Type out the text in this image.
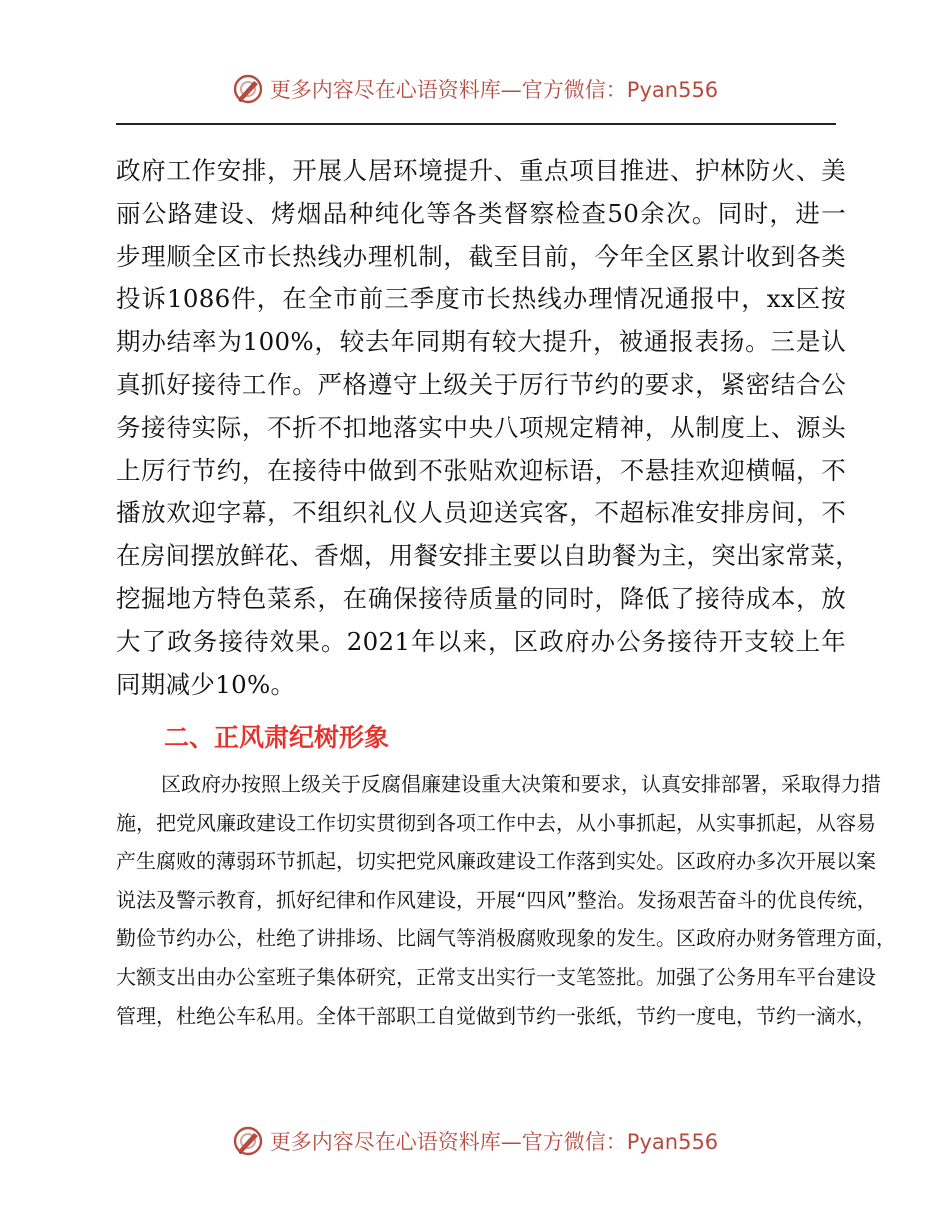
更多内容尽在心语资料库—官方微信：Pyan556
政府工作安排，开展人居环境提升、重点项目推进、护林防火、美
丽公路建设、烤烟品种纯化等各类督察检查50余次。同时，进一
步理顺全区市长热线办理机制，截至目前，今年全区累计收到各类
投诉1086件，在全市前三季度市长热线办理情况通报中，xx区按
期办结率为100%，较去年同期有较大提升，被通报表扬。三是认
真抓好接待工作。严格遵守上级关于厉行节约的要求，紧密结合公
务接待实际，不折不扣地落实中央八项规定精神，从制度上、源头
上厉行节约，在接待中做到不张贴欢迎标语，不悬挂欢迎横幅，不
播放欢迎字幕，不组织礼仪人员迎送宾客，不超标准安排房间，不
在房间摆放鲜花、香烟，用餐安排主要以自助餐为主，突出家常菜，
挖掘地方特色菜系，在确保接待质量的同时，降低了接待成本，放
大了政务接待效果。2021年以来，区政府办公务接待开支较上年
同期减少10%。
二、正风肃纪树形象
区政府办按照上级关于反腐倡廉建设重大决策和要求，认真安排部署，采取得力措
施，把党风廉政建设工作切实贯彻到各项工作中去，从小事抓起，从实事抓起，从容易
产生腐败的薄弱环节抓起，切实把党风廉政建设工作落到实处。区政府办多次开展以案
说法及警示教育，抓好纪律和作风建设，开展“四风”整治。发扬艰苦奋斗的优良传统，
勤俭节约办公，杜绝了讲排场、比阔气等消极腐败现象的发生。区政府办财务管理方面，
大额支出由办公室班子集体研究，正常支出实行一支笔签批。加强了公务用车平台建设
管理，杜绝公车私用。全体干部职工自觉做到节约一张纸，节约一度电，节约一滴水，
更多内容尽在心语资料库—官方微信：Pyan556
